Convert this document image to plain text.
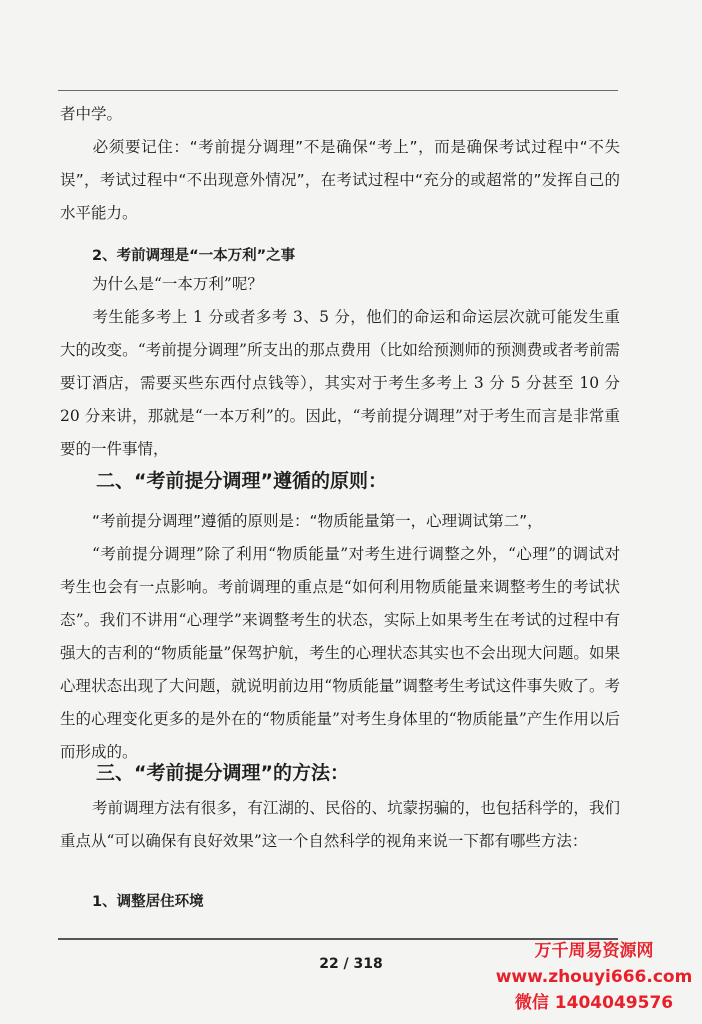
者中学。

必须要记住：“考前提分调理”不是确保“考上”，而是确保考试过程中“不失误”，考试过程中“不出现意外情况”，在考试过程中“充分的或超常的”发挥自己的水平能力。

2、考前调理是“一本万利”之事

为什么是“一本万利”呢？

考生能多考上 1 分或者多考 3、5 分，他们的命运和命运层次就可能发生重大的改变。“考前提分调理”所支出的那点费用（比如给预测师的预测费或者考前需要订酒店，需要买些东西付点钱等），其实对于考生多考上 3 分 5 分甚至 10 分 20 分来讲，那就是“一本万利”的。因此，“考前提分调理”对于考生而言是非常重要的一件事情，

二、“考前提分调理”遵循的原则：

“考前提分调理”遵循的原则是：“物质能量第一，心理调试第二”，

“考前提分调理”除了利用“物质能量”对考生进行调整之外，“心理”的调试对考生也会有一点影响。考前调理的重点是“如何利用物质能量来调整考生的考试状态”。我们不讲用“心理学”来调整考生的状态，实际上如果考生在考试的过程中有强大的吉利的“物质能量”保驾护航，考生的心理状态其实也不会出现大问题。如果心理状态出现了大问题，就说明前边用“物质能量”调整考生考试这件事失败了。考生的心理变化更多的是外在的“物质能量”对考生身体里的“物质能量”产生作用以后而形成的。

三、“考前提分调理”的方法：

考前调理方法有很多，有江湖的、民俗的、坑蒙拐骗的，也包括科学的，我们重点从“可以确保有良好效果”这一个自然科学的视角来说一下都有哪些方法：

1、调整居住环境

22 / 318
万千周易资源网
www.zhouyi666.com
微信 1404049576
